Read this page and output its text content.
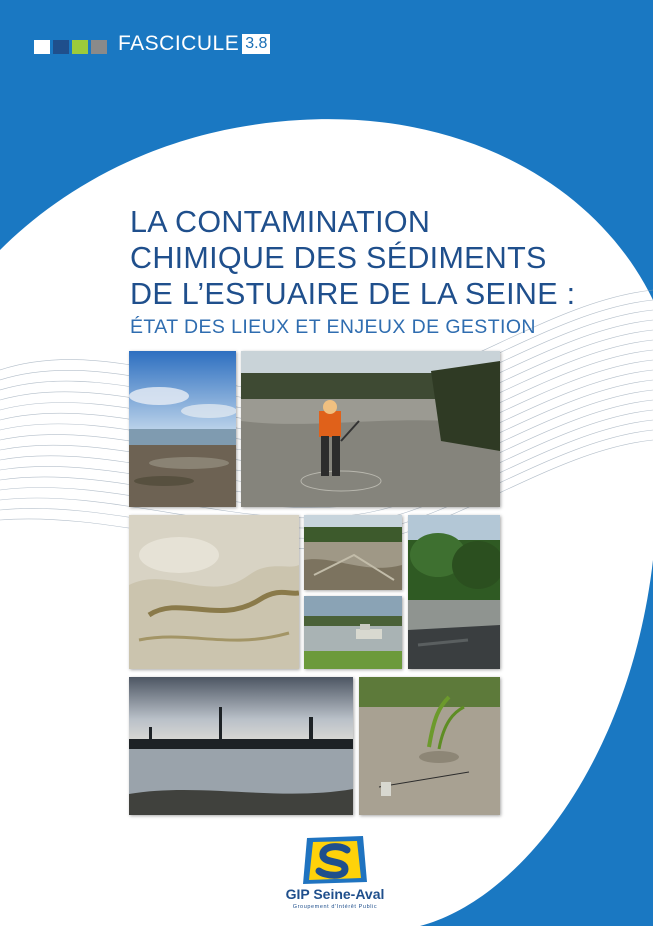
FASCICULE 3.8
LA CONTAMINATION
CHIMIQUE DES SÉDIMENTS
DE L’ESTUAIRE DE LA SEINE :
ÉTAT DES LIEUX ET ENJEUX DE GESTION
GIP Seine-Aval
Groupement d'Intérêt Public
